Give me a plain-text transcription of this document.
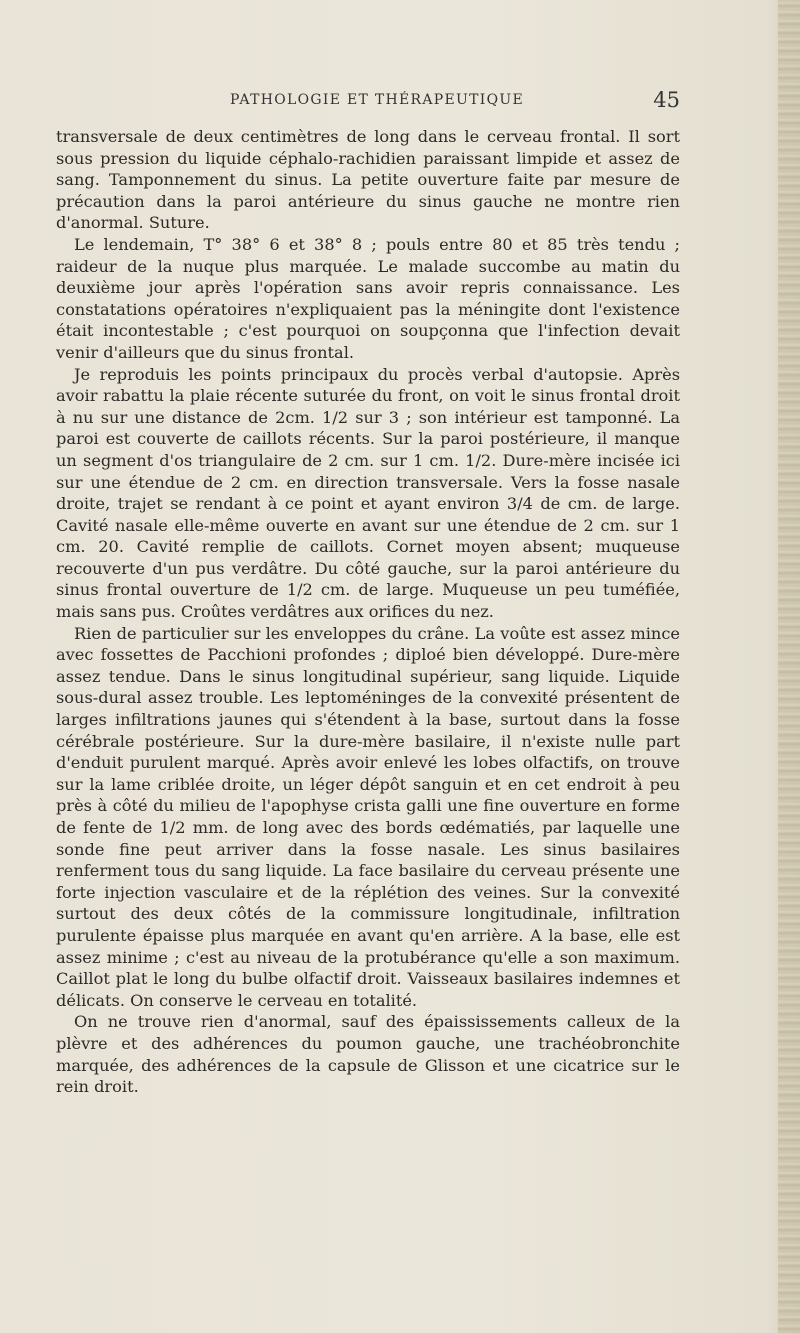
PATHOLOGIE ET THÉRAPEUTIQUE	45

transversale de deux centimètres de long dans le cerveau frontal. Il sort sous pression du liquide céphalo-rachidien paraissant limpide et assez de sang. Tamponnement du sinus. La petite ouverture faite par mesure de précaution dans la paroi antérieure du sinus gauche ne montre rien d'anormal. Suture.

Le lendemain, T° 38° 6 et 38° 8 ; pouls entre 80 et 85 très tendu ; raideur de la nuque plus marquée. Le malade succombe au matin du deuxième jour après l'opération sans avoir repris connaissance. Les constatations opératoires n'expliquaient pas la méningite dont l'existence était incontestable ; c'est pourquoi on soupçonna que l'infection devait venir d'ailleurs que du sinus frontal.

Je reproduis les points principaux du procès verbal d'autopsie. Après avoir rabattu la plaie récente suturée du front, on voit le sinus frontal droit à nu sur une distance de 2cm. 1/2 sur 3 ; son intérieur est tamponné. La paroi est couverte de caillots récents. Sur la paroi postérieure, il manque un segment d'os triangulaire de 2 cm. sur 1 cm. 1/2. Dure-mère incisée ici sur une étendue de 2 cm. en direction transversale. Vers la fosse nasale droite, trajet se rendant à ce point et ayant environ 3/4 de cm. de large. Cavité nasale elle-même ouverte en avant sur une étendue de 2 cm. sur 1 cm. 20. Cavité remplie de caillots. Cornet moyen absent; muqueuse recouverte d'un pus verdâtre. Du côté gauche, sur la paroi antérieure du sinus frontal ouverture de 1/2 cm. de large. Muqueuse un peu tuméfiée, mais sans pus. Croûtes verdâtres aux orifices du nez.

Rien de particulier sur les enveloppes du crâne. La voûte est assez mince avec fossettes de Pacchioni profondes ; diploé bien développé. Dure-mère assez tendue. Dans le sinus longitudinal supérieur, sang liquide. Liquide sous-dural assez trouble. Les leptoméninges de la convexité présentent de larges infiltrations jaunes qui s'étendent à la base, surtout dans la fosse cérébrale postérieure. Sur la dure-mère basilaire, il n'existe nulle part d'enduit purulent marqué. Après avoir enlevé les lobes olfactifs, on trouve sur la lame criblée droite, un léger dépôt sanguin et en cet endroit à peu près à côté du milieu de l'apophyse crista galli une fine ouverture en forme de fente de 1/2 mm. de long avec des bords œdématiés, par laquelle une sonde fine peut arriver dans la fosse nasale. Les sinus basilaires renferment tous du sang liquide. La face basilaire du cerveau présente une forte injection vasculaire et de la réplétion des veines. Sur la convexité surtout des deux côtés de la commissure longitudinale, infiltration purulente épaisse plus marquée en avant qu'en arrière. A la base, elle est assez minime ; c'est au niveau de la protubérance qu'elle a son maximum. Caillot plat le long du bulbe olfactif droit. Vaisseaux basilaires indemnes et délicats. On conserve le cerveau en totalité.

On ne trouve rien d'anormal, sauf des épaississements calleux de la plèvre et des adhérences du poumon gauche, une trachéobronchite marquée, des adhérences de la capsule de Glisson et une cicatrice sur le rein droit.
